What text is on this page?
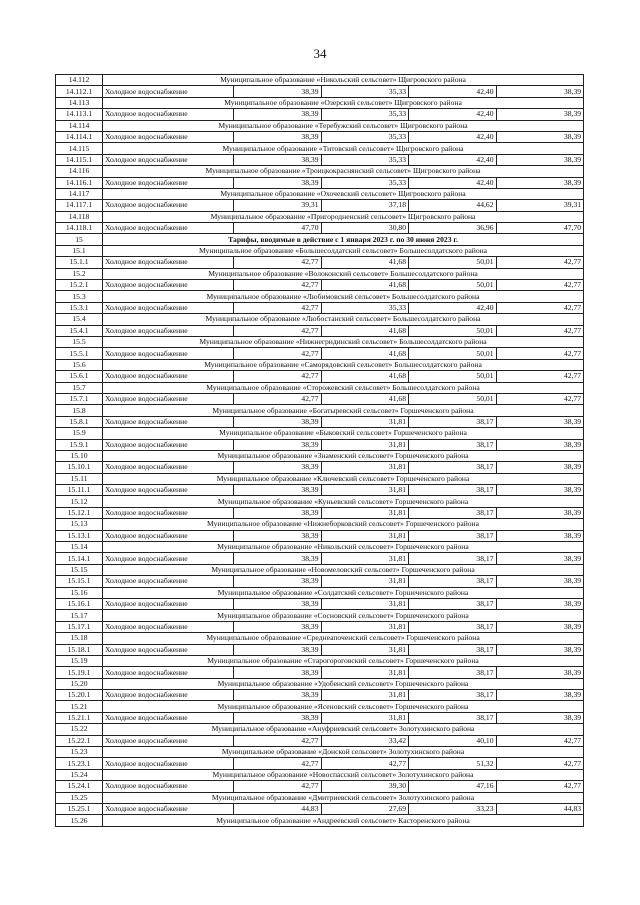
34
14.112	Муниципальное образование «Никольский сельсовет» Щигровского района				
14.112.1	Холодное водоснабжение	38,39	35,33	42,40	38,39
14.113	Муниципальное образование «Озерский сельсовет» Щигровского района				
14.113.1	Холодное водоснабжение	38,39	35,33	42,40	38,39
14.114	Муниципальное образование «Теребужский сельсовет» Щигровского района				
14.114.1	Холодное водоснабжение	38,39	35,33	42,40	38,39
14.115	Муниципальное образование «Титовский сельсовет» Щигровского района				
14.115.1	Холодное водоснабжение	38,39	35,33	42,40	38,39
14.116	Муниципальное образование «Троицкокраснянский сельсовет» Щигровского района				
14.116.1	Холодное водоснабжение	38,39	35,33	42,40	38,39
14.117	Муниципальное образование «Охочевский сельсовет» Щигровского района				
14.117.1	Холодное водоснабжение	39,31	37,18	44,62	39,31
14.118	Муниципальное образование «Пригородненский сельсовет» Щигровского района				
14.118.1	Холодное водоснабжение	47,70	30,80	36,96	47,70
15	Тарифы, вводимые в действие с 1 января 2023 г. по 30 июня 2023 г.				
15.1	Муниципальное образование «Большесолдатский сельсовет» Большесолдатского района				
15.1.1	Холодное водоснабжение	42,77	41,68	50,01	42,77
15.2	Муниципальное образование «Волоконский сельсовет» Большесолдатского района				
15.2.1	Холодное водоснабжение	42,77	41,68	50,01	42,77
15.3	Муниципальное образование «Любимовский сельсовет» Большесолдатского района				
15.3.1	Холодное водоснабжение	42,77	35,33	42,40	42,77
15.4	Муниципальное образование «Любостанский сельсовет» Большесолдатского района				
15.4.1	Холодное водоснабжение	42,77	41,68	50,01	42,77
15.5	Муниципальное образование «Нижнегридинский сельсовет» Большесолдатского района				
15.5.1	Холодное водоснабжение	42,77	41,68	50,01	42,77
15.6	Муниципальное образование «Саморядовский сельсовет» Большесолдатского района				
15.6.1	Холодное водоснабжение	42,77	41,68	50,01	42,77
15.7	Муниципальное образование «Сторожевский сельсовет» Большесолдатского района				
15.7.1	Холодное водоснабжение	42,77	41,68	50,01	42,77
15.8	Муниципальное образование «Богатыревский сельсовет» Горшеченского района				
15.8.1	Холодное водоснабжение	38,39	31,81	38,17	38,39
15.9	Муниципальное образование «Быковский сельсовет» Горшеченского района				
15.9.1	Холодное водоснабжение	38,39	31,81	38,17	38,39
15.10	Муниципальное образование «Знаменский сельсовет» Горшеченского района				
15.10.1	Холодное водоснабжение	38,39	31,81	38,17	38,39
15.11	Муниципальное образование «Ключевский сельсовет» Горшеченского района				
15.11.1	Холодное водоснабжение	38,39	31,81	38,17	38,39
15.12	Муниципальное образование «Куньевский сельсовет» Горшеченского района				
15.12.1	Холодное водоснабжение	38,39	31,81	38,17	38,39
15.13	Муниципальное образование «Нижнеборковский сельсовет» Горшеченского района				
15.13.1	Холодное водоснабжение	38,39	31,81	38,17	38,39
15.14	Муниципальное образование «Никольский сельсовет» Горшеченского района				
15.14.1	Холодное водоснабжение	38,39	31,81	38,17	38,39
15.15	Муниципальное образование «Новомеловский сельсовет» Горшеченского района				
15.15.1	Холодное водоснабжение	38,39	31,81	38,17	38,39
15.16	Муниципальное образование «Солдатский сельсовет» Горшеченского района				
15.16.1	Холодное водоснабжение	38,39	31,81	38,17	38,39
15.17	Муниципальное образование «Сосновский сельсовет» Горшеченского района				
15.17.1	Холодное водоснабжение	38,39	31,81	38,17	38,39
15.18	Муниципальное образование «Среднеапоченский сельсовет» Горшеченского района				
15.18.1	Холодное водоснабжение	38,39	31,81	38,17	38,39
15.19	Муниципальное образование «Старогороговский сельсовет» Горшеченского района				
15.19.1	Холодное водоснабжение	38,39	31,81	38,17	38,39
15.20	Муниципальное образование «Удобенский сельсовет» Горшеченского района				
15.20.1	Холодное водоснабжение	38,39	31,81	38,17	38,39
15.21	Муниципальное образование «Ясеновский сельсовет» Горшеченского района				
15.21.1	Холодное водоснабжение	38,39	31,81	38,17	38,39
15.22	Муниципальное образование «Ануфриевский сельсовет» Золотухинского района				
15.22.1	Холодное водоснабжение	42,77	33,42	40,10	42,77
15.23	Муниципальное образование «Донской сельсовет» Золотухинского района				
15.23.1	Холодное водоснабжение	42,77	42,77	51,32	42,77
15.24	Муниципальное образование «Новоспасский сельсовет» Золотухинского района				
15.24.1	Холодное водоснабжение	42,77	39,30	47,16	42,77
15.25	Муниципальное образование «Дмитриевский сельсовет» Золотухинского района				
15.25.1	Холодное водоснабжение	44,83	27,69	33,23	44,83
15.26	Муниципальное образование «Андреевский сельсовет» Касторенского района				
